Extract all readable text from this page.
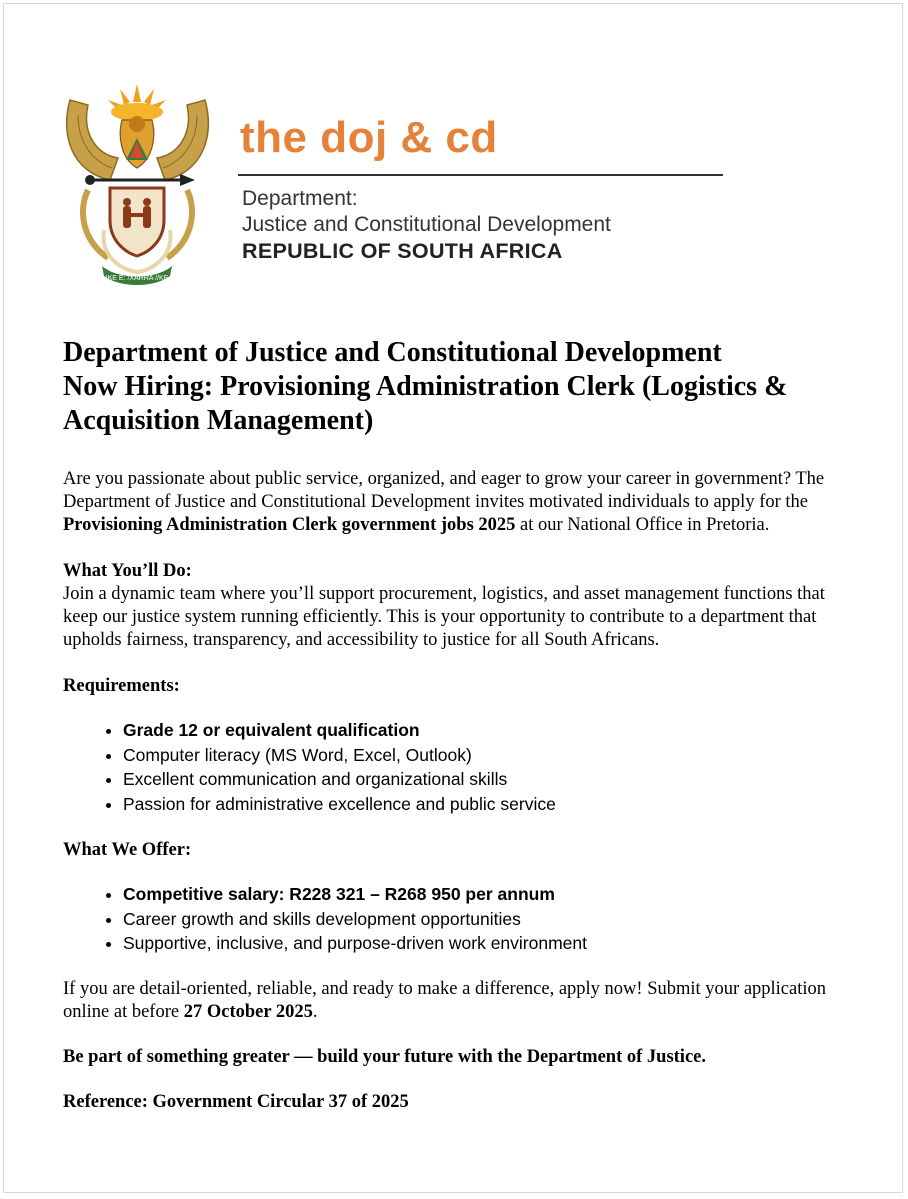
!KE E: /XARRA //KE
the doj & cd
Department:
Justice and Constitutional Development
REPUBLIC OF SOUTH AFRICA
Department of Justice and Constitutional Development
Now Hiring: Provisioning Administration Clerk (Logistics &
Acquisition Management)

Are you passionate about public service, organized, and eager to grow your career in government? The Department of Justice and Constitutional Development invites motivated individuals to apply for the Provisioning Administration Clerk government jobs 2025 at our National Office in Pretoria.

What You’ll Do:
Join a dynamic team where you’ll support procurement, logistics, and asset management functions that keep our justice system running efficiently. This is your opportunity to contribute to a department that upholds fairness, transparency, and accessibility to justice for all South Africans.
Requirements:
• Grade 12 or equivalent qualification
• Computer literacy (MS Word, Excel, Outlook)
• Excellent communication and organizational skills
• Passion for administrative excellence and public service
What We Offer:
• Competitive salary: R228 321 – R268 950 per annum
• Career growth and skills development opportunities
• Supportive, inclusive, and purpose-driven work environment

If you are detail-oriented, reliable, and ready to make a difference, apply now! Submit your application online at before 27 October 2025.

Be part of something greater — build your future with the Department of Justice.
Reference: Government Circular 37 of 2025
